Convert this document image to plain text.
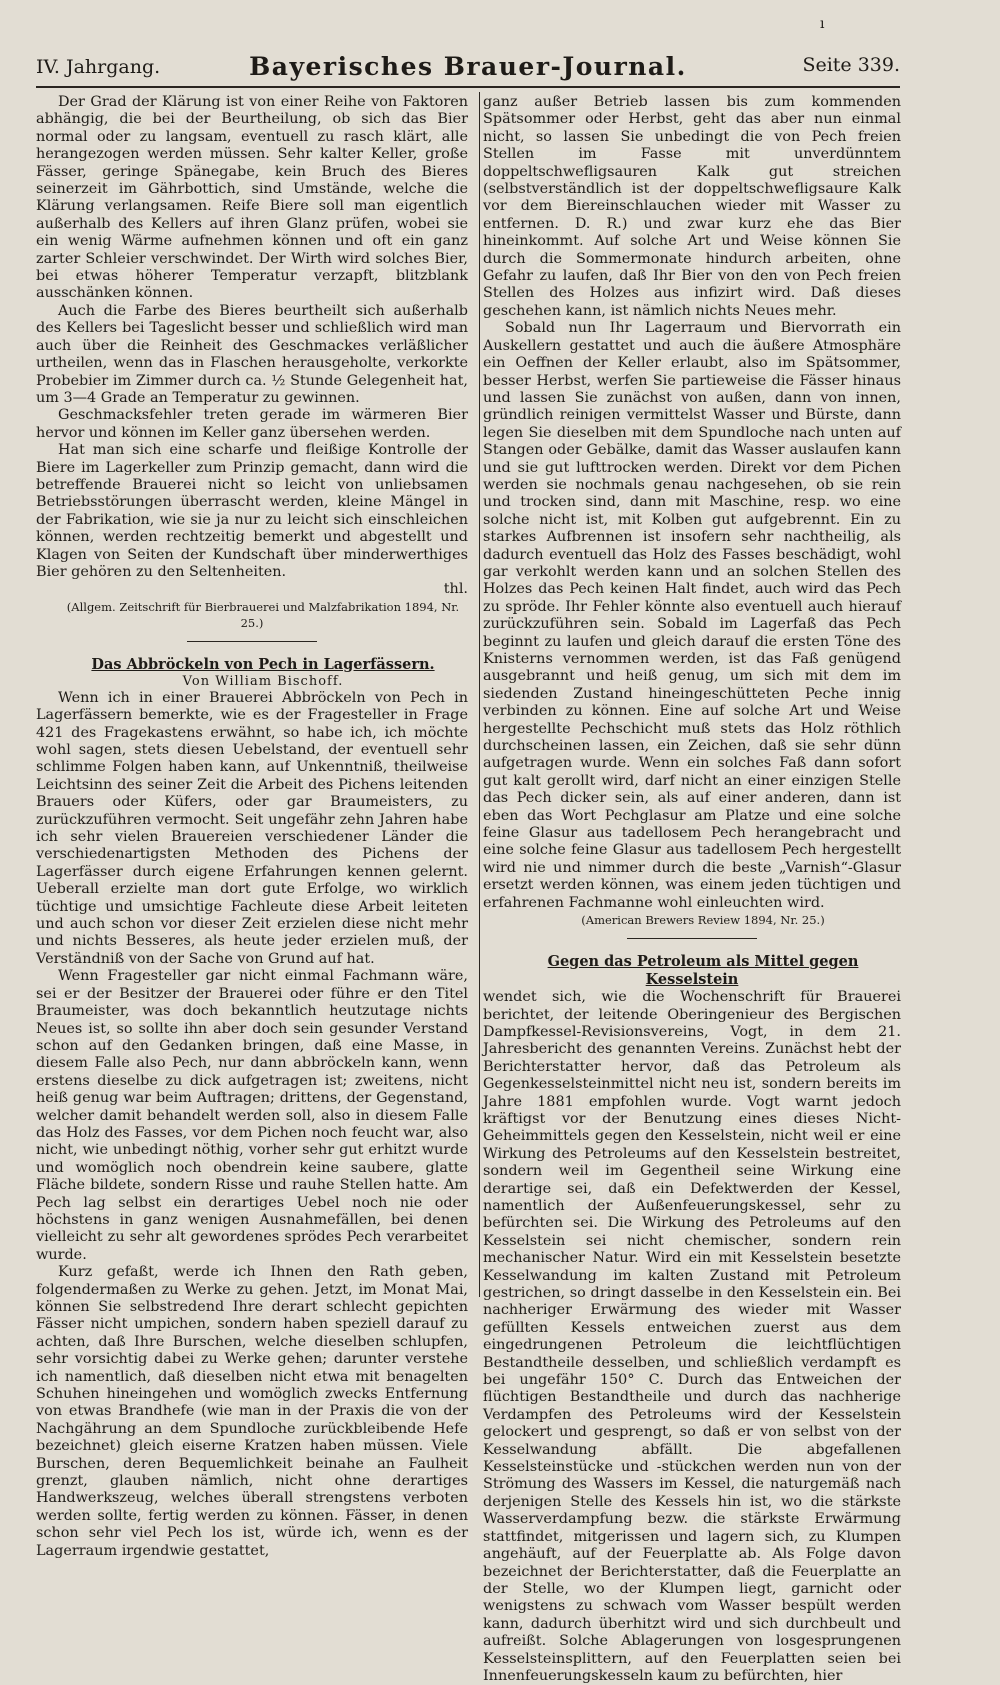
IV. Jahrgang.	Bayerisches Brauer-Journal.	Seite 339.
ı

Der Grad der Klärung ist von einer Reihe von Faktoren abhängig, die bei der Beurtheilung, ob sich das Bier normal oder zu langsam, eventuell zu rasch klärt, alle herangezogen werden müssen. Sehr kalter Keller, große Fässer, geringe Spänegabe, kein Bruch des Bieres seinerzeit im Gährbottich, sind Umstände, welche die Klärung verlangsamen. Reife Biere soll man eigentlich außerhalb des Kellers auf ihren Glanz prüfen, wobei sie ein wenig Wärme aufnehmen können und oft ein ganz zarter Schleier verschwindet. Der Wirth wird solches Bier, bei etwas höherer Temperatur verzapft, blitzblank ausschänken können.

Auch die Farbe des Bieres beurtheilt sich außerhalb des Kellers bei Tageslicht besser und schließlich wird man auch über die Reinheit des Geschmackes verläßlicher urtheilen, wenn das in Flaschen herausgeholte, verkorkte Probebier im Zimmer durch ca. ½ Stunde Gelegenheit hat, um 3—4 Grade an Temperatur zu gewinnen.

Geschmacksfehler treten gerade im wärmeren Bier hervor und können im Keller ganz übersehen werden.

Hat man sich eine scharfe und fleißige Kontrolle der Biere im Lagerkeller zum Prinzip gemacht, dann wird die betreffende Brauerei nicht so leicht von unliebsamen Betriebsstörungen überrascht werden, kleine Mängel in der Fabrikation, wie sie ja nur zu leicht sich einschleichen können, werden rechtzeitig bemerkt und abgestellt und Klagen von Seiten der Kundschaft über minderwerthiges Bier gehören zu den Seltenheiten.

thl.

(Allgem. Zeitschrift für Bierbrauerei und Malzfabrikation 1894, Nr. 25.)

Das Abbröckeln von Pech in Lagerfässern.

Von William Bischoff.

Wenn ich in einer Brauerei Abbröckeln von Pech in Lagerfässern bemerkte, wie es der Fragesteller in Frage 421 des Fragekastens erwähnt, so habe ich, ich möchte wohl sagen, stets diesen Uebelstand, der eventuell sehr schlimme Folgen haben kann, auf Unkenntniß, theilweise Leichtsinn des seiner Zeit die Arbeit des Pichens leitenden Brauers oder Küfers, oder gar Braumeisters, zu zurückzuführen vermocht. Seit ungefähr zehn Jahren habe ich sehr vielen Brauereien verschiedener Länder die verschiedenartigsten Methoden des Pichens der Lagerfässer durch eigene Erfahrungen kennen gelernt. Ueberall erzielte man dort gute Erfolge, wo wirklich tüchtige und umsichtige Fachleute diese Arbeit leiteten und auch schon vor dieser Zeit erzielen diese nicht mehr und nichts Besseres, als heute jeder erzielen muß, der Verständniß von der Sache von Grund auf hat.

Wenn Fragesteller gar nicht einmal Fachmann wäre, sei er der Besitzer der Brauerei oder führe er den Titel Braumeister, was doch bekanntlich heutzutage nichts Neues ist, so sollte ihn aber doch sein gesunder Verstand schon auf den Gedanken bringen, daß eine Masse, in diesem Falle also Pech, nur dann abbröckeln kann, wenn erstens dieselbe zu dick aufgetragen ist; zweitens, nicht heiß genug war beim Auftragen; drittens, der Gegenstand, welcher damit behandelt werden soll, also in diesem Falle das Holz des Fasses, vor dem Pichen noch feucht war, also nicht, wie unbedingt nöthig, vorher sehr gut erhitzt wurde und womöglich noch obendrein keine saubere, glatte Fläche bildete, sondern Risse und rauhe Stellen hatte. Am Pech lag selbst ein derartiges Uebel noch nie oder höchstens in ganz wenigen Ausnahmefällen, bei denen vielleicht zu sehr alt gewordenes sprödes Pech verarbeitet wurde.

Kurz gefaßt, werde ich Ihnen den Rath geben, folgendermaßen zu Werke zu gehen. Jetzt, im Monat Mai, können Sie selbstredend Ihre derart schlecht gepichten Fässer nicht umpichen, sondern haben speziell darauf zu achten, daß Ihre Burschen, welche dieselben schlupfen, sehr vorsichtig dabei zu Werke gehen; darunter verstehe ich namentlich, daß dieselben nicht etwa mit benagelten Schuhen hineingehen und womöglich zwecks Entfernung von etwas Brandhefe (wie man in der Praxis die von der Nachgährung an dem Spundloche zurückbleibende Hefe bezeichnet) gleich eiserne Kratzen haben müssen. Viele Burschen, deren Bequemlichkeit beinahe an Faulheit grenzt, glauben nämlich, nicht ohne derartiges Handwerkszeug, welches überall strengstens verboten werden sollte, fertig werden zu können. Fässer, in denen schon sehr viel Pech los ist, würde ich, wenn es der Lagerraum irgendwie gestattet,

ganz außer Betrieb lassen bis zum kommenden Spätsommer oder Herbst, geht das aber nun einmal nicht, so lassen Sie unbedingt die von Pech freien Stellen im Fasse mit unverdünntem doppeltschwefligsauren Kalk gut streichen (selbstverständlich ist der doppeltschwefligsaure Kalk vor dem Biereinschlauchen wieder mit Wasser zu entfernen. D. R.) und zwar kurz ehe das Bier hineinkommt. Auf solche Art und Weise können Sie durch die Sommermonate hindurch arbeiten, ohne Gefahr zu laufen, daß Ihr Bier von den von Pech freien Stellen des Holzes aus infizirt wird. Daß dieses geschehen kann, ist nämlich nichts Neues mehr.

Sobald nun Ihr Lagerraum und Biervorrath ein Auskellern gestattet und auch die äußere Atmosphäre ein Oeffnen der Keller erlaubt, also im Spätsommer, besser Herbst, werfen Sie partieweise die Fässer hinaus und lassen Sie zunächst von außen, dann von innen, gründlich reinigen vermittelst Wasser und Bürste, dann legen Sie dieselben mit dem Spundloche nach unten auf Stangen oder Gebälke, damit das Wasser auslaufen kann und sie gut lufttrocken werden. Direkt vor dem Pichen werden sie nochmals genau nachgesehen, ob sie rein und trocken sind, dann mit Maschine, resp. wo eine solche nicht ist, mit Kolben gut aufgebrennt. Ein zu starkes Aufbrennen ist insofern sehr nachtheilig, als dadurch eventuell das Holz des Fasses beschädigt, wohl gar verkohlt werden kann und an solchen Stellen des Holzes das Pech keinen Halt findet, auch wird das Pech zu spröde. Ihr Fehler könnte also eventuell auch hierauf zurückzuführen sein. Sobald im Lagerfaß das Pech beginnt zu laufen und gleich darauf die ersten Töne des Knisterns vernommen werden, ist das Faß genügend ausgebrannt und heiß genug, um sich mit dem im siedenden Zustand hineingeschütteten Peche innig verbinden zu können. Eine auf solche Art und Weise hergestellte Pechschicht muß stets das Holz röthlich durchscheinen lassen, ein Zeichen, daß sie sehr dünn aufgetragen wurde. Wenn ein solches Faß dann sofort gut kalt gerollt wird, darf nicht an einer einzigen Stelle das Pech dicker sein, als auf einer anderen, dann ist eben das Wort Pechglasur am Platze und eine solche feine Glasur aus tadellosem Pech herangebracht und eine solche feine Glasur aus tadellosem Pech hergestellt wird nie und nimmer durch die beste „Varnish“-Glasur ersetzt werden können, was einem jeden tüchtigen und erfahrenen Fachmanne wohl einleuchten wird.

(American Brewers Review 1894, Nr. 25.)

Gegen das Petroleum als Mittel gegen Kesselstein

wendet sich, wie die Wochenschrift für Brauerei berichtet, der leitende Oberingenieur des Bergischen Dampfkessel-Revisionsvereins, Vogt, in dem 21. Jahresbericht des genannten Vereins. Zunächst hebt der Berichterstatter hervor, daß das Petroleum als Gegenkesselsteinmittel nicht neu ist, sondern bereits im Jahre 1881 empfohlen wurde. Vogt warnt jedoch kräftigst vor der Benutzung eines dieses Nicht-Geheimmittels gegen den Kesselstein, nicht weil er eine Wirkung des Petroleums auf den Kesselstein bestreitet, sondern weil im Gegentheil seine Wirkung eine derartige sei, daß ein Defektwerden der Kessel, namentlich der Außenfeuerungskessel, sehr zu befürchten sei. Die Wirkung des Petroleums auf den Kesselstein sei nicht chemischer, sondern rein mechanischer Natur. Wird ein mit Kesselstein besetzte Kesselwandung im kalten Zustand mit Petroleum gestrichen, so dringt dasselbe in den Kesselstein ein. Bei nachheriger Erwärmung des wieder mit Wasser gefüllten Kessels entweichen zuerst aus dem eingedrungenen Petroleum die leichtflüchtigen Bestandtheile desselben, und schließlich verdampft es bei ungefähr 150° C. Durch das Entweichen der flüchtigen Bestandtheile und durch das nachherige Verdampfen des Petroleums wird der Kesselstein gelockert und gesprengt, so daß er von selbst von der Kesselwandung abfällt. Die abgefallenen Kesselsteinstücke und -stückchen werden nun von der Strömung des Wassers im Kessel, die naturgemäß nach derjenigen Stelle des Kessels hin ist, wo die stärkste Wasserverdampfung bezw. die stärkste Erwärmung stattfindet, mitgerissen und lagern sich, zu Klumpen angehäuft, auf der Feuerplatte ab. Als Folge davon bezeichnet der Berichterstatter, daß die Feuerplatte an der Stelle, wo der Klumpen liegt, garnicht oder wenigstens zu schwach vom Wasser bespült werden kann, dadurch überhitzt wird und sich durchbeult und aufreißt. Solche Ablagerungen von losgesprungenen Kesselsteinsplittern, auf den Feuerplatten seien bei Innenfeuerungskesseln kaum zu befürchten, hier
